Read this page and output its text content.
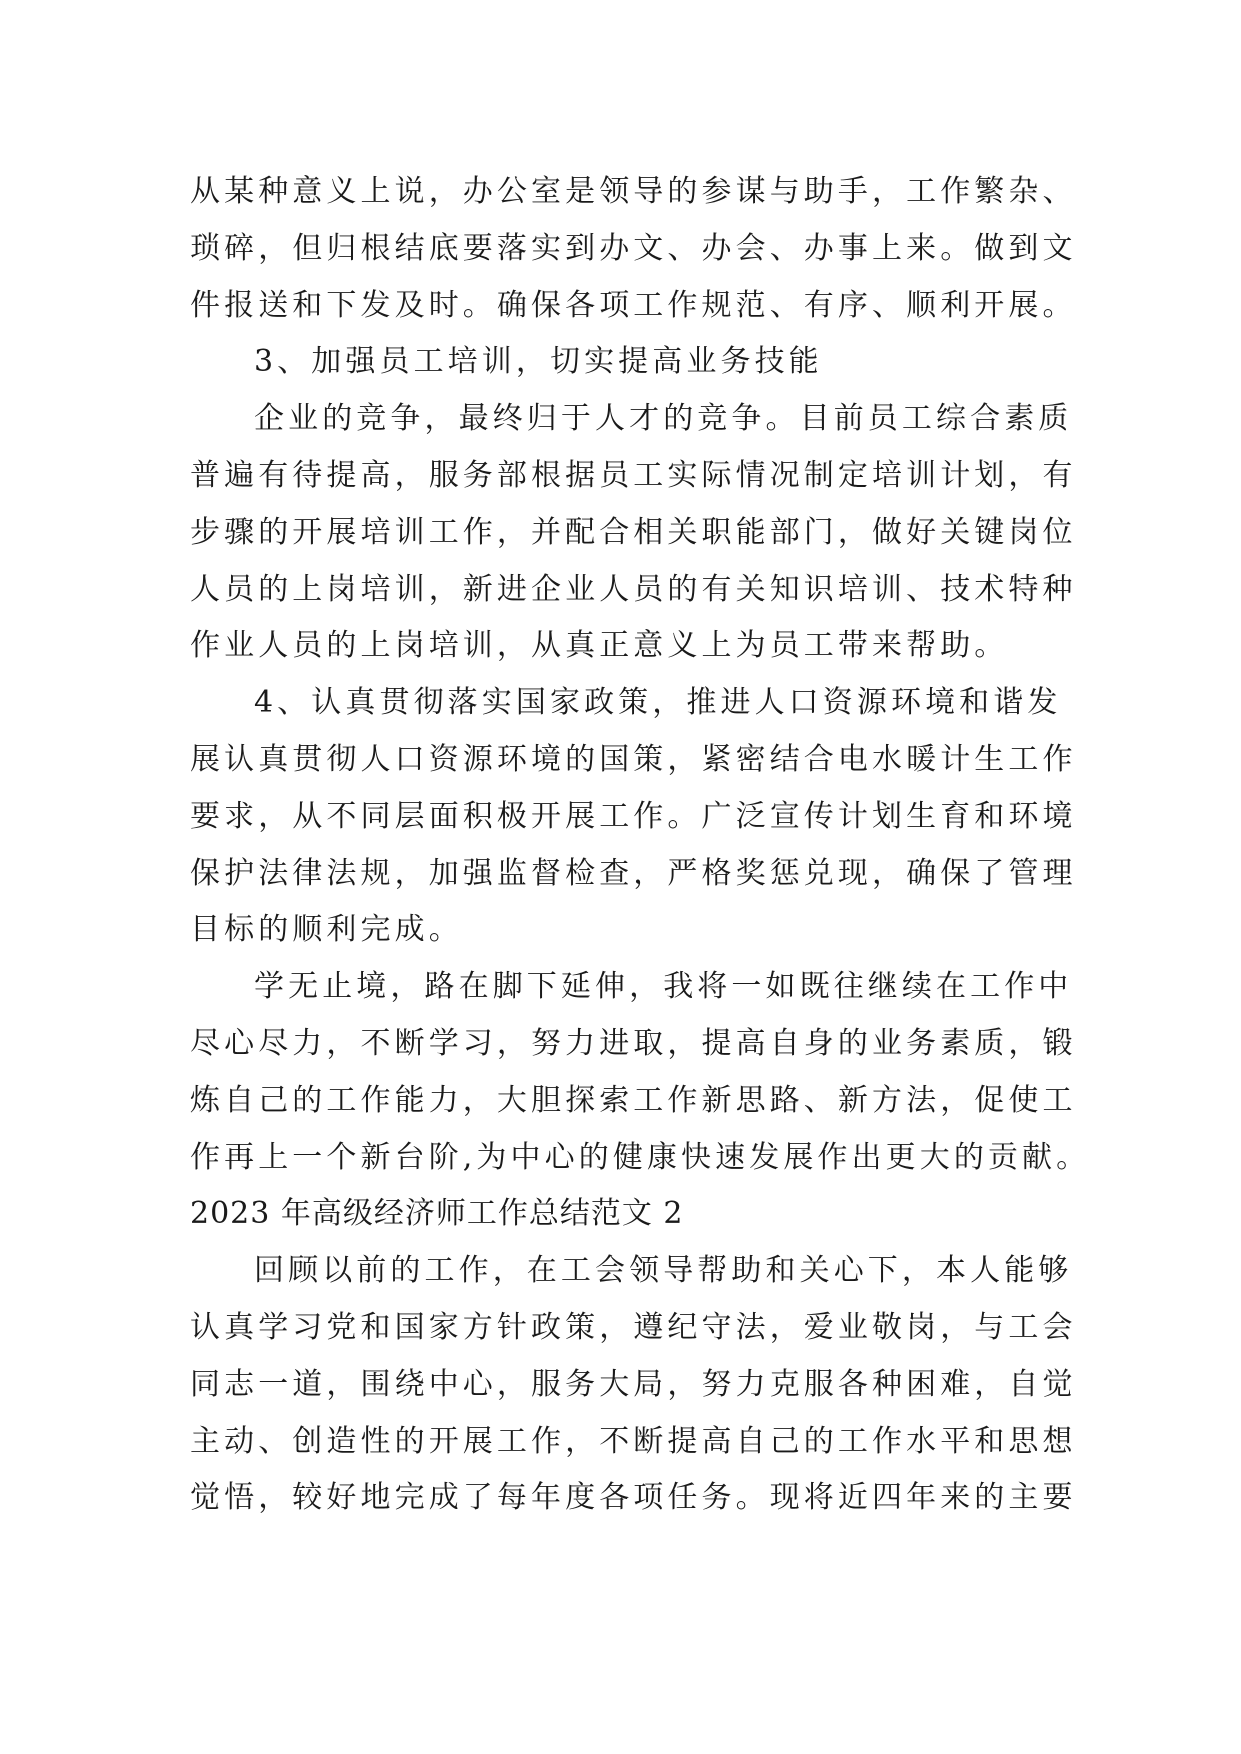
从某种意义上说，办公室是领导的参谋与助手，工作繁杂、
琐碎，但归根结底要落实到办文、办会、办事上来。做到文
件报送和下发及时。确保各项工作规范、有序、顺利开展。
3、加强员工培训，切实提高业务技能
企业的竞争，最终归于人才的竞争。目前员工综合素质
普遍有待提高，服务部根据员工实际情况制定培训计划，有
步骤的开展培训工作，并配合相关职能部门，做好关键岗位
人员的上岗培训，新进企业人员的有关知识培训、技术特种
作业人员的上岗培训，从真正意义上为员工带来帮助。
4、认真贯彻落实国家政策，推进人口资源环境和谐发
展认真贯彻人口资源环境的国策，紧密结合电水暖计生工作
要求，从不同层面积极开展工作。广泛宣传计划生育和环境
保护法律法规，加强监督检查，严格奖惩兑现，确保了管理
目标的顺利完成。
学无止境，路在脚下延伸，我将一如既往继续在工作中
尽心尽力，不断学习，努力进取，提高自身的业务素质，锻
炼自己的工作能力，大胆探索工作新思路、新方法，促使工
作再上一个新台阶,为中心的健康快速发展作出更大的贡献。
2023 年高级经济师工作总结范文 2
回顾以前的工作，在工会领导帮助和关心下，本人能够
认真学习党和国家方针政策，遵纪守法，爱业敬岗，与工会
同志一道，围绕中心，服务大局，努力克服各种困难，自觉
主动、创造性的开展工作，不断提高自己的工作水平和思想
觉悟，较好地完成了每年度各项任务。现将近四年来的主要
